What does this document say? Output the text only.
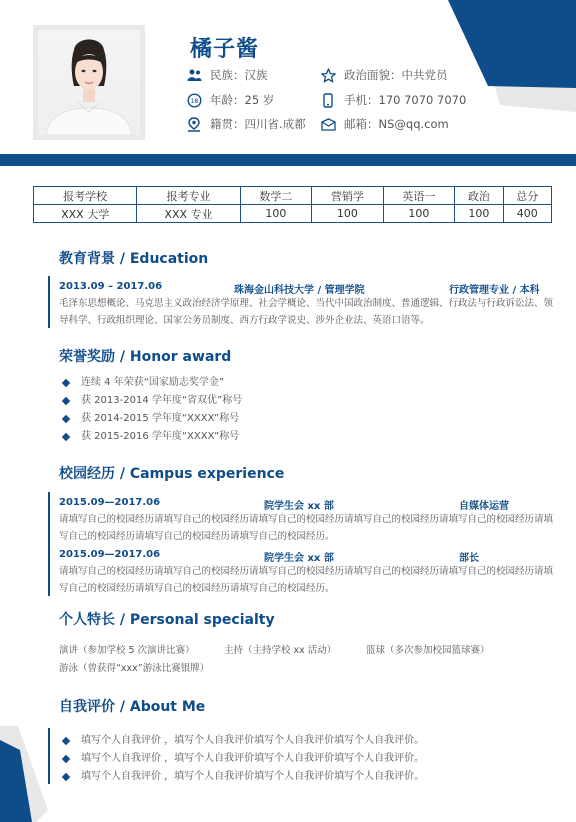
橘子酱
民族：汉族
18 年龄：25 岁
籍贯：四川省.成都
政治面貌：中共党员
手机：170 7070 7070
邮箱：NS@qq.com
报考学校	报考专业	数学二	营销学	英语一	政治	总分
XXX 大学	XXX 专业	100	100	100	100	400
教育背景 / Education
2013.09 – 2017.06	珠海金山科技大学 / 管理学院	行政管理专业 / 本科
毛泽东思想概论、马克思主义政治经济学原理、社会学概论、当代中国政治制度、普通逻辑、行政法与行政诉讼法、领导科学、行政组织理论、国家公务员制度、西方行政学说史、涉外企业法、英语口语等。
荣誉奖励 / Honor award
连续 4 年荣获“国家励志奖学金”
获 2013-2014 学年度“省双优”称号
获 2014-2015 学年度“XXXX”称号
获 2015-2016 学年度“XXXX”称号
校园经历 / Campus experience
2015.09—2017.06	院学生会 xx 部	自媒体运营
请填写自己的校园经历请填写自己的校园经历请填写自己的校园经历请填写自己的校园经历请填写自己的校园经历请填写自己的校园经历请填写自己的校园经历请填写自己的校园经历。
2015.09—2017.06	院学生会 xx 部	部长
请填写自己的校园经历请填写自己的校园经历请填写自己的校园经历请填写自己的校园经历请填写自己的校园经历请填写自己的校园经历请填写自己的校园经历请填写自己的校园经历。
个人特长 / Personal specialty
演讲（参加学校 5 次演讲比赛）	主持（主持学校 xx 活动）	篮球（多次参加校园篮球赛）
游泳（曾获得“xxx”游泳比赛银牌）
自我评价 / About Me
填写个人自我评价 ，填写个人自我评价填写个人自我评价填写个人自我评价。
填写个人自我评价 ，填写个人自我评价填写个人自我评价填写个人自我评价。
填写个人自我评价 ，填写个人自我评价填写个人自我评价填写个人自我评价。
